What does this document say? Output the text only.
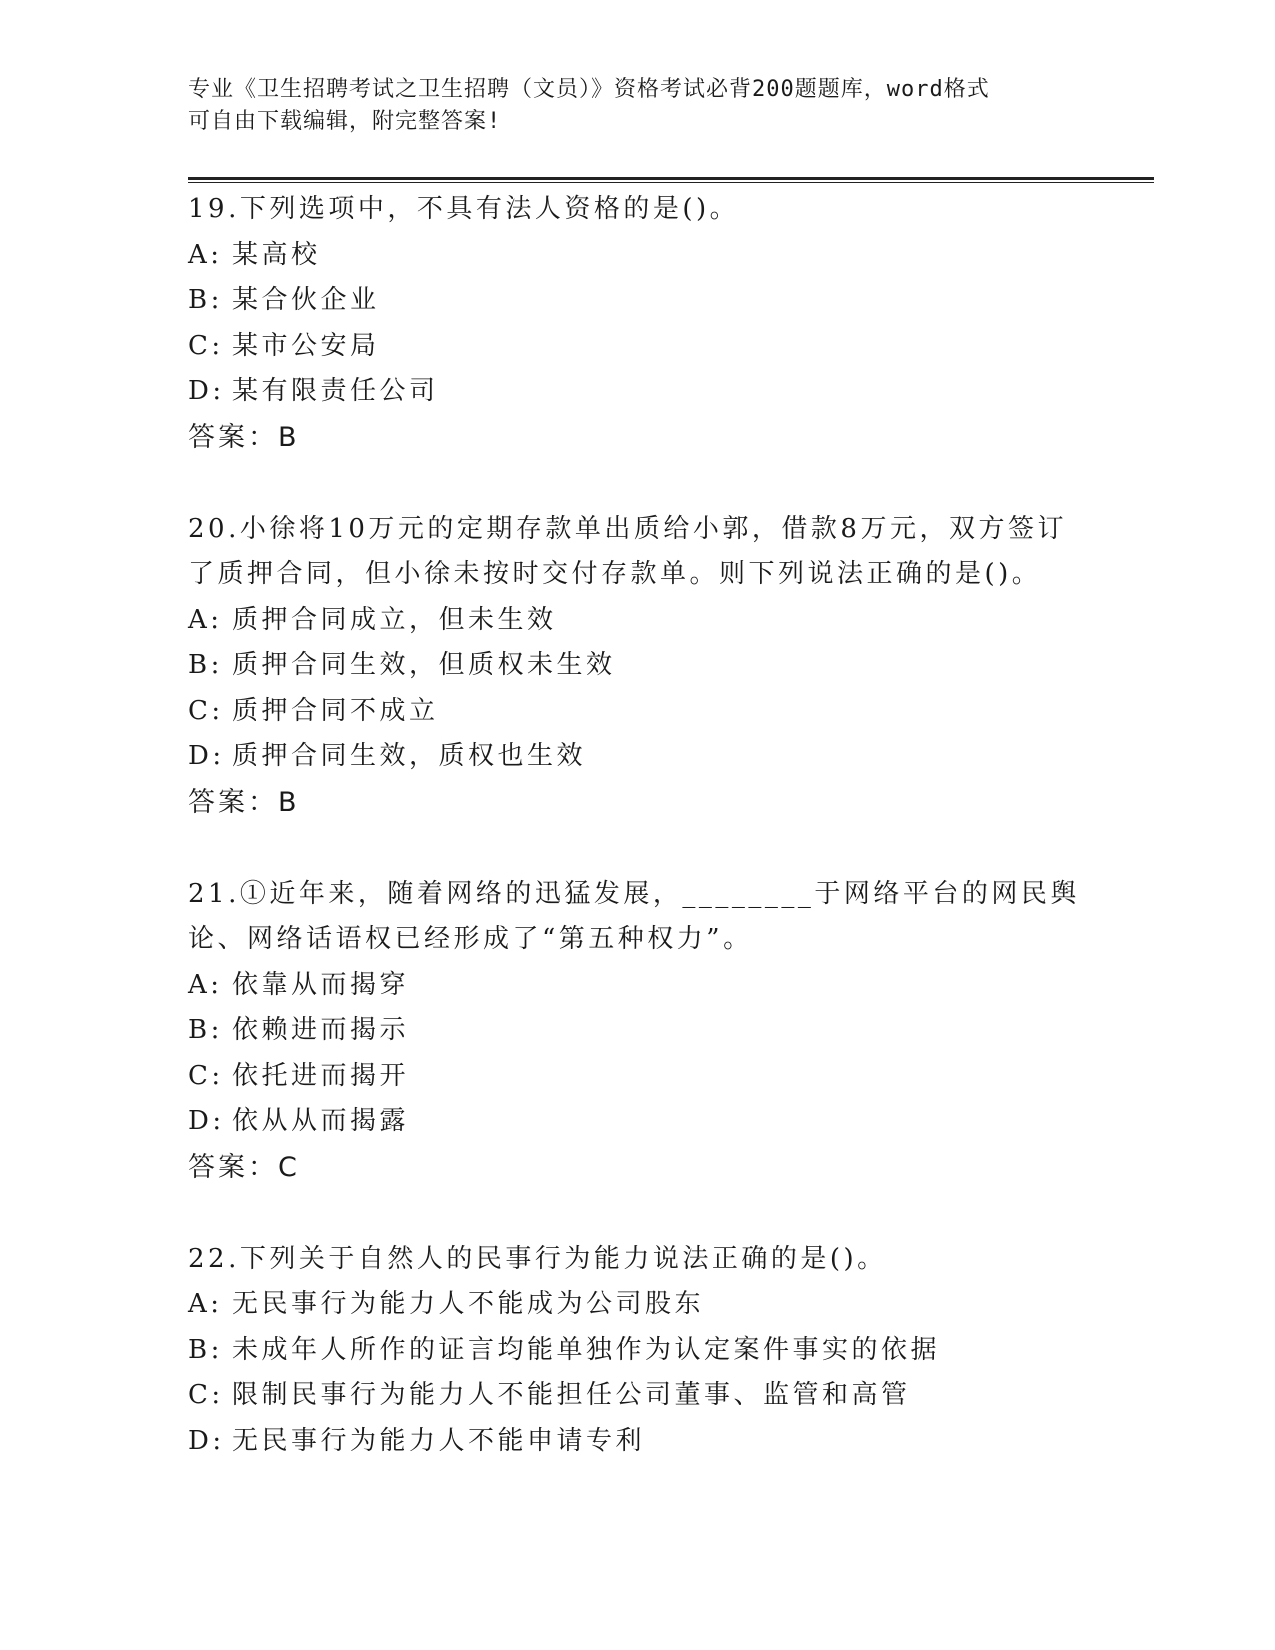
专业《卫生招聘考试之卫生招聘（文员）》资格考试必背200题题库，word格式
可自由下载编辑，附完整答案!
19.下列选项中，不具有法人资格的是()。
A: 某高校
B: 某合伙企业
C: 某市公安局
D: 某有限责任公司
答案：B
20.小徐将10万元的定期存款单出质给小郭，借款8万元，双方签订了质押合同，但小徐未按时交付存款单。则下列说法正确的是()。
A: 质押合同成立，但未生效
B: 质押合同生效，但质权未生效
C: 质押合同不成立
D: 质押合同生效，质权也生效
答案：B
21.①近年来，随着网络的迅猛发展，________于网络平台的网民舆论、网络话语权已经形成了“第五种权力”。
A: 依靠从而揭穿
B: 依赖进而揭示
C: 依托进而揭开
D: 依从从而揭露
答案：C
22.下列关于自然人的民事行为能力说法正确的是()。
A: 无民事行为能力人不能成为公司股东
B: 未成年人所作的证言均能单独作为认定案件事实的依据
C: 限制民事行为能力人不能担任公司董事、监管和高管
D: 无民事行为能力人不能申请专利
